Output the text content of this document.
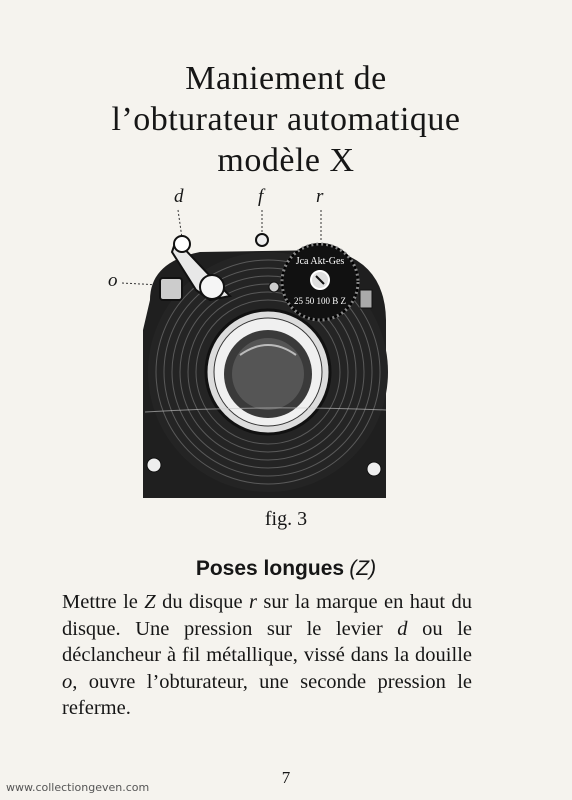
Maniement de
l’obturateur automatique
modèle X
d	f	r
o
Jca Akt-Ges
25 50 100 B Z
fig. 3
Poses longues (Z)
Mettre le Z du disque r sur la marque en haut du disque. Une pression sur le levier d ou le déclancheur à fil métallique, vissé dans la douille o, ouvre l’obturateur, une seconde pression le referme.
7
www.collectiongeven.com
